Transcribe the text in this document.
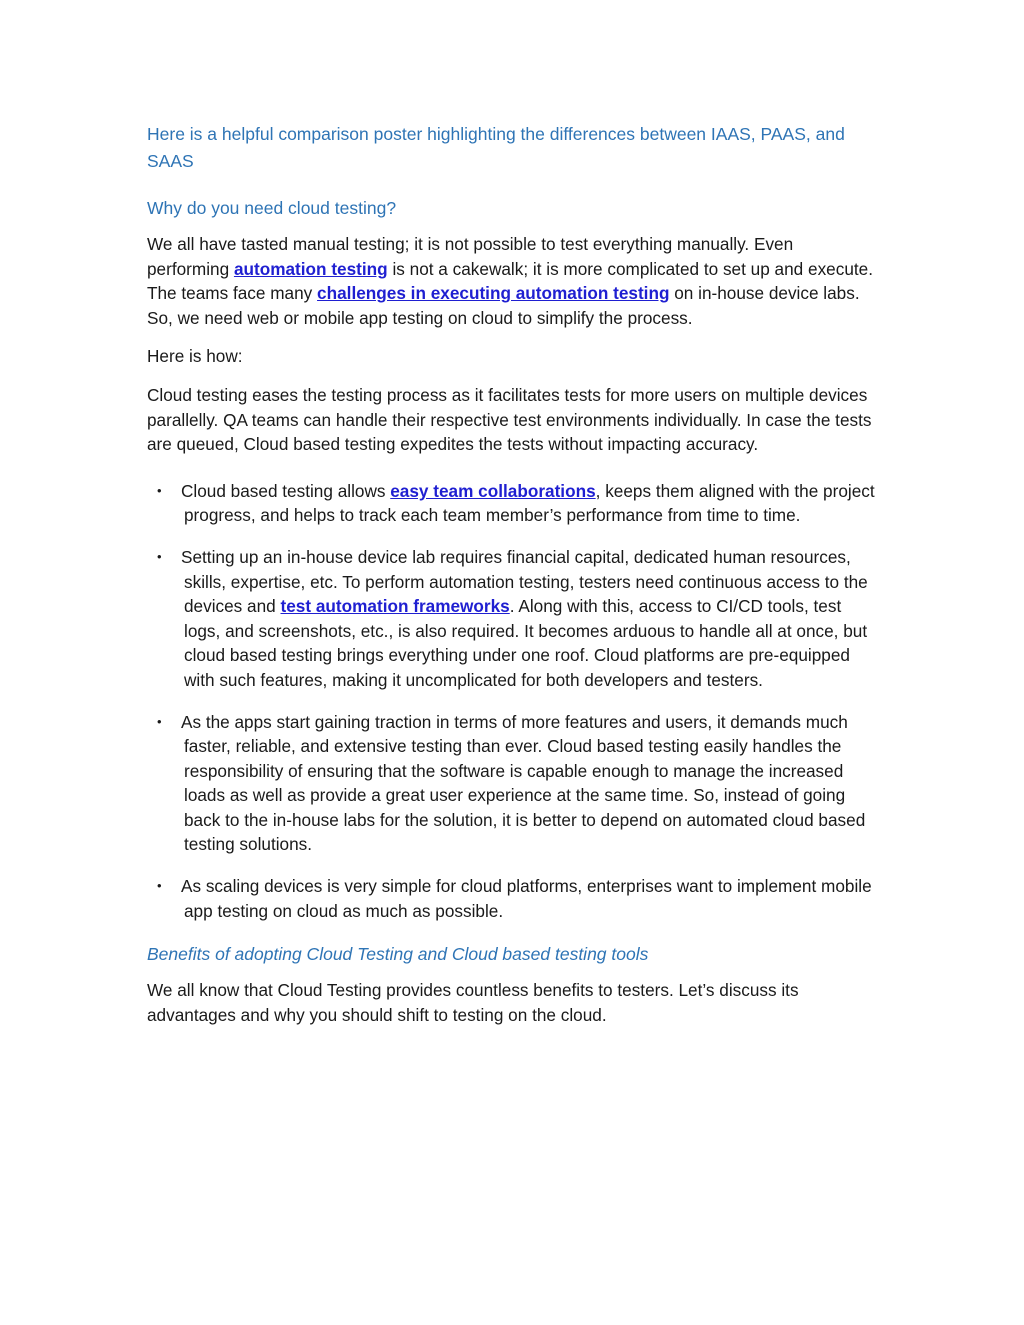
Here is a helpful comparison poster highlighting the differences between IAAS, PAAS, and SAAS

Why do you need cloud testing?

We all have tasted manual testing; it is not possible to test everything manually. Even performing automation testing is not a cakewalk; it is more complicated to set up and execute. The teams face many challenges in executing automation testing on in-house device labs. So, we need web or mobile app testing on cloud to simplify the process.

Here is how:

Cloud testing eases the testing process as it facilitates tests for more users on multiple devices parallelly. QA teams can handle their respective test environments individually. In case the tests are queued, Cloud based testing expedites the tests without impacting accuracy.

• Cloud based testing allows easy team collaborations, keeps them aligned with the project progress, and helps to track each team member’s performance from time to time.
• Setting up an in-house device lab requires financial capital, dedicated human resources, skills, expertise, etc. To perform automation testing, testers need continuous access to the devices and test automation frameworks. Along with this, access to CI/CD tools, test logs, and screenshots, etc., is also required. It becomes arduous to handle all at once, but cloud based testing brings everything under one roof. Cloud platforms are pre-equipped with such features, making it uncomplicated for both developers and testers.
• As the apps start gaining traction in terms of more features and users, it demands much faster, reliable, and extensive testing than ever. Cloud based testing easily handles the responsibility of ensuring that the software is capable enough to manage the increased loads as well as provide a great user experience at the same time. So, instead of going back to the in-house labs for the solution, it is better to depend on automated cloud based testing solutions.
• As scaling devices is very simple for cloud platforms, enterprises want to implement mobile app testing on cloud as much as possible.

Benefits of adopting Cloud Testing and Cloud based testing tools

We all know that Cloud Testing provides countless benefits to testers. Let’s discuss its advantages and why you should shift to testing on the cloud.
